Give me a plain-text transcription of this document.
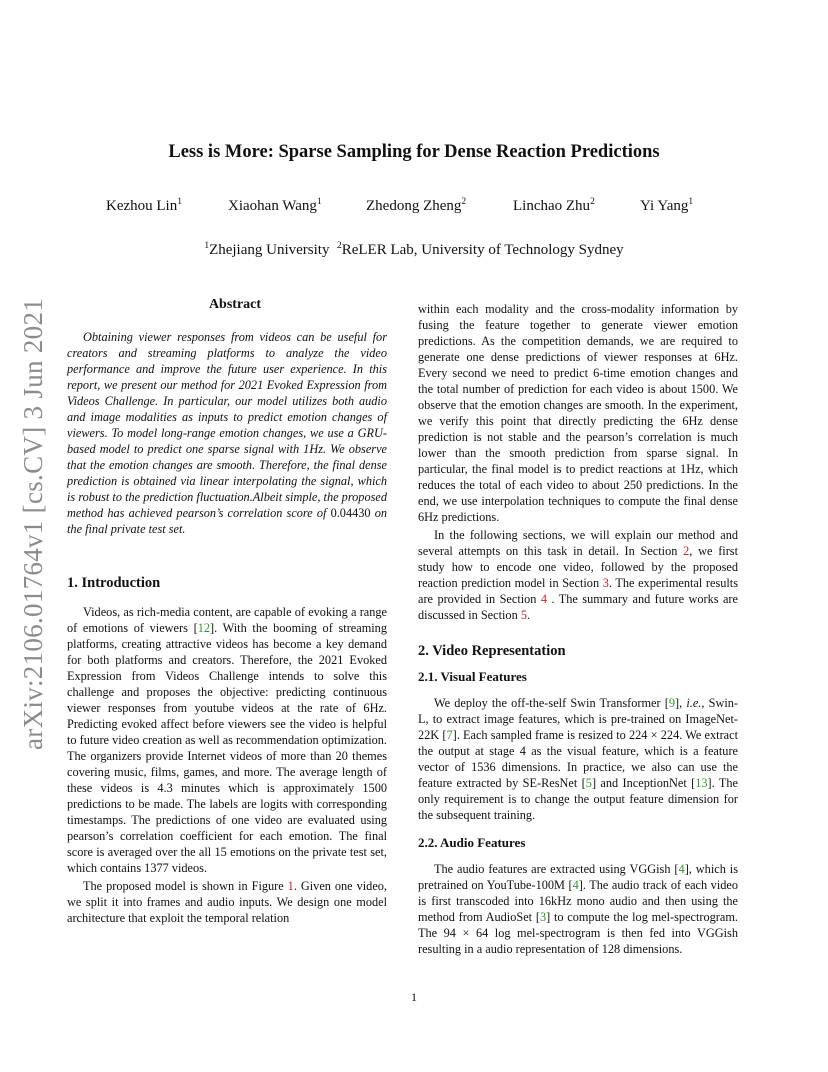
arXiv:2106.01764v1 [cs.CV] 3 Jun 2021
Less is More: Sparse Sampling for Dense Reaction Predictions
Kezhou Lin$^1$	Xiaohan Wang$^1$	Zhedong Zheng$^2$	Linchao Zhu$^2$	Yi Yang$^1$
$^1$Zhejiang University $^2$ReLER Lab, University of Technology Sydney

Abstract

Obtaining viewer responses from videos can be useful for creators and streaming platforms to analyze the video performance and improve the future user experience. In this report, we present our method for 2021 Evoked Expression from Videos Challenge. In particular, our model utilizes both audio and image modalities as inputs to predict emotion changes of viewers. To model long-range emotion changes, we use a GRU-based model to predict one sparse signal with 1Hz. We observe that the emotion changes are smooth. Therefore, the final dense prediction is obtained via linear interpolating the signal, which is robust to the prediction fluctuation.Albeit simple, the proposed method has achieved pearson’s correlation score of 0.04430 on the final private test set.

1. Introduction

Videos, as rich-media content, are capable of evoking a range of emotions of viewers [12]. With the booming of streaming platforms, creating attractive videos has become a key demand for both platforms and creators. Therefore, the 2021 Evoked Expression from Videos Challenge intends to solve this challenge and proposes the objective: predicting continuous viewer responses from youtube videos at the rate of 6Hz. Predicting evoked affect before viewers see the video is helpful to future video creation as well as recommendation optimization. The organizers provide Internet videos of more than 20 themes covering music, films, games, and more. The average length of these videos is 4.3 minutes which is approximately 1500 predictions to be made. The labels are logits with corresponding timestamps. The predictions of one video are evaluated using pearson’s correlation coefficient for each emotion. The final score is averaged over the all 15 emotions on the private test set, which contains 1377 videos.

The proposed model is shown in Figure 1. Given one video, we split it into frames and audio inputs. We design one model architecture that exploit the temporal relation

within each modality and the cross-modality information by fusing the feature together to generate viewer emotion predictions. As the competition demands, we are required to generate one dense predictions of viewer responses at 6Hz. Every second we need to predict 6-time emotion changes and the total number of prediction for each video is about 1500. We observe that the emotion changes are smooth. In the experiment, we verify this point that directly predicting the 6Hz dense prediction is not stable and the pearson’s correlation is much lower than the smooth prediction from sparse signal. In particular, the final model is to predict reactions at 1Hz, which reduces the total of each video to about 250 predictions. In the end, we use interpolation techniques to compute the final dense 6Hz predictions.

In the following sections, we will explain our method and several attempts on this task in detail. In Section 2, we first study how to encode one video, followed by the proposed reaction prediction model in Section 3. The experimental results are provided in Section 4 . The summary and future works are discussed in Section 5.

2. Video Representation

2.1. Visual Features

We deploy the off-the-self Swin Transformer [9], i.e., Swin-L, to extract image features, which is pre-trained on ImageNet-22K [7]. Each sampled frame is resized to 224 × 224. We extract the output at stage 4 as the visual feature, which is a feature vector of 1536 dimensions. In practice, we also can use the feature extracted by SE-ResNet [5] and InceptionNet [13]. The only requirement is to change the output feature dimension for the subsequent training.

2.2. Audio Features

The audio features are extracted using VGGish [4], which is pretrained on YouTube-100M [4]. The audio track of each video is first transcoded into 16kHz mono audio and then using the method from AudioSet [3] to compute the log mel-spectrogram. The 94 × 64 log mel-spectrogram is then fed into VGGish resulting in a audio representation of 128 dimensions.

1
